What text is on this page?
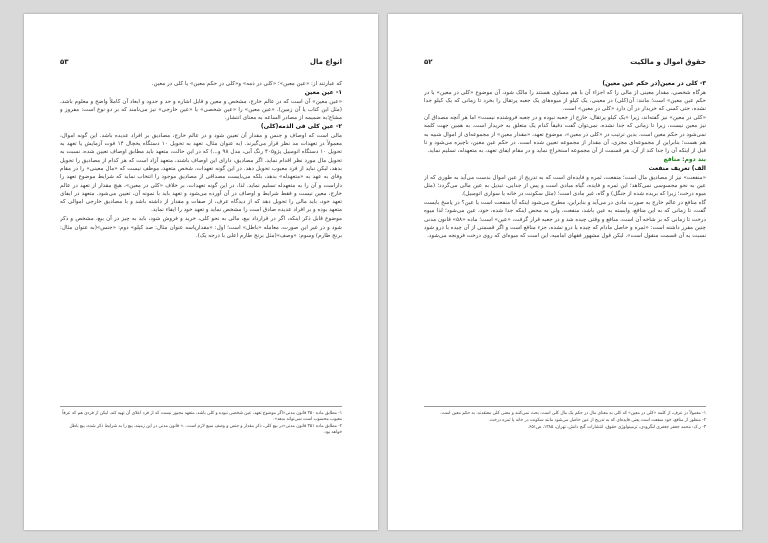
انواع مال
۵۳

که عبارتند از: «عین معین»؛ «کلی در ذمه» و«کلی در حکم معین» یا کلی در معین.

۱- عین معین

«عین معین» آن است که در عالم خارج، مشخص و معین و قابل اشاره و حد و حدود و ابعاد آن کاملاً واضح و معلوم باشد، (مثل این کتاب یا آن زمین). «عین معین» را «عین شخصی» یا «عین خارجی» نیز می‌نامند که بر دو نوع است: مفروز و مشاع؛به ضمیمه از مصادر الساعه به معنای انتشار.

۲- عین کلی فی الذمه(کلی)

مالی است که اوصاف و جنس و مقدار آن تعیین شود و در عالم خارج، مصادیق بر افراد عدیده باشد. این گونه اموال، معمولاً در تعهدات مد نظر قرار می‌گیرند. (به عنوان مثال، تعهد به تحویل ۱۰ دستگاه یخچال ۱۴ فوت آزمایش یا تعهد به تحویل ۱۰ دستگاه اتومبیل پژو۴۰۵ رنگ آبی، مدل ۹۸ و...) که در این حالت، متعهد باید مطابق اوصاف تعیین شده، نسبت به تحویل مال مورد نظر اقدام نماید. اگر مصادیق، دارای این اوصاف باشند، متعهد آزاد است که هر کدام از مصادیق را تحویل بدهد، لیکن نباید از فرد معیوب تحویل دهد. در این گونه تعهدات، شخص متعهد، موظف نیست که «مال معینی» را در مقام وفای به عهد به «متعهدله» بدهد، بلکه می‌بایست مصداقی از مصادیق موجود را انتخاب نماید که شرایط موضوع تعهد را داراست و آن را به متعهدله تسلیم نماید. لذا، در این گونه تعهدات، بر خلاف «کلی در معین»، هیچ مقدار از تعهد در عالم خارج، معین نیست و فقط شرایط و اوصاف در آن آورده می‌شود و تعهد باید با نمونه آن، تعیین می‌شود. متعهد در ایفای تعهد خود، باید مالی را تحویل دهد که از دیدگاه عرف، از صفات و مقدار از داشته باشد و با مصادیق خارجی اموالی که متعهد بوده و بر افراد عدیده صادق است را مشخص نماید و تعهد خود را ایفاء نماید.

موضوع قابل ذکر اینکه، اگر در قرارداد بیع، مالی به نحو کلی، خرید و فروش شود، باید به چیز در آن بیع، مشخص و ذکر شود و در غیر این صورت، معامله «باطل» است؛ اول: «مقدارپاسه عنوان مثال: صد کیلو» دوم: «جنس»(به عنوان مثال: برنج طارم) وسوم: «وصف»(مثل برنج طارم اعلی یا درجه یک).

۱- مطابق ماده ۳۵۰ قانون مدنی«اگر موضوع تعهد، عین شخصی نبوده و کلی باشد، متعهد مجبور نیست که از فرد اعلای آن تهیه کند، لیکن از فردی هم که عرفاً معیوب محسوب است نمی‌تواند بدهد».

۲- مطابق ماده ۳۵۱ قانون مدنی«در بیع کلی، ذکر مقدار و جنس و وصف مبیع لازم است...» قانون مدنی در این زمینه، بیع را به شرایط ذکر شده، بیع باطل خواهد بود.

حقوق اموال و مالکیت
۵۲

۳- کلی در معین(در حکم عین معین)

هرگاه شخصی، مقدار معینی از مالی را که اجزاء آن با هم مساوی هستند را مالک شود، آن موضوع «کلی در معین» یا در حکم عین معین» است؛ مانند: آن(کلی) در معینی، یک کیلو از میوه‌های یک جعبه پرتقال را بخرد تا زمانی که یک کیلو جدا نشده، حتی کسی که خریدار در آن دارد «کلی در معین» است.

«کلی در معین» نیز گفته‌اند، زیرا «یک کیلو پرتقال، خارج از جعبه نبوده و در جعبه فروشنده نیست» اما هر آنچه مصداق آن نیز معین نیست، زیرا تا زمانی که جدا نشده، نمی‌توان گفت دقیقاً کدام یک متعلق به خریدار است. به همین جهت کلمه نمی‌شود در حکم معین است. بدین ترتیب در «کلی در معین»، موضوع تعهد، «مقدار معین» از مجموعه‌ای از اموال شبیه به هم هست؛ بنابراین از مجموعه‌ای مجزی، آن مقدار از مجموعه تعیین شده است. در حکم عین معین، ناچیزه می‌شود و تا قبل از اینکه آن را جدا کند از آن، هر قسمت از آن مجموعه استخراج نماید و در مقام ایفای تعهد، به متعهدله، تسلیم نماید.

بند دوم: منافع

الف) تعریف منفعت

«منفعت» نیز از مصادیق مال است؛ منفعت، ثمره و فایده‌ای است که به تدریج از عین اموال بدست می‌آید به طوری که از عین به نحو محسوسی نمی‌کاهد؛ این ثمره و فایده، گیاه مبادی است و پس از جدایی، تبدیل به عین مالی می‌گردد؛ (مثل میوه درخت؛ زیرا که بریده شده از جنگل) و گاه، غیر مادی است؛ (مثل سکونت در خانه یا سواری اتومبیل).

گاه منافع در عالم خارج به صورت مادی در می‌آید و بنابراین، مطرح می‌شود اینکه آیا منفعت است یا عین؟ در پاسخ بایست گفت، تا زمانی که به این منافع، وابسته به عین باشد، منفعت، ولی به محض اینکه جدا شده، خود، عین می‌شود؛ لذا میوه درخت تا زمانی که بر شاخه آن است، منافع و وقتی چیده شد و در جعبه قرار گرفت، «عین» است؛ ماده «۵۸» قانون مدنی چنین مقرر داشته است: «ثمره و حاصل مادام که چیده یا درو نشده، جزء منافع است و اگر قسمتی از آن چیده یا درو شود نسبت به آن قسمت منقول است». لیکن قول مشهور فقهای امامیه، این است که میوه‌ای که روی درخت فرونجه می‌شود.

۱- معمولاً در عرف، از کلمه «کلی در معین» که کلی به معنای مال در حکم یک مال کلی است، بحث نمی‌کنند و معنی کلی معتقدند، به حکم معین است.

۲- منظور از منافع، خود منفعت است یعنی فایده‌ای که به تدریج از عین حاصل می‌شود مانند سکونت در خانه یا ثمره درخت.

۳- ر.ک: محمد جعفر جعفری لنگرودی، ترمینولوژی حقوق، انتشارات گنج دانش، تهران، ۱۳۸۵، ص۶۵۱.
